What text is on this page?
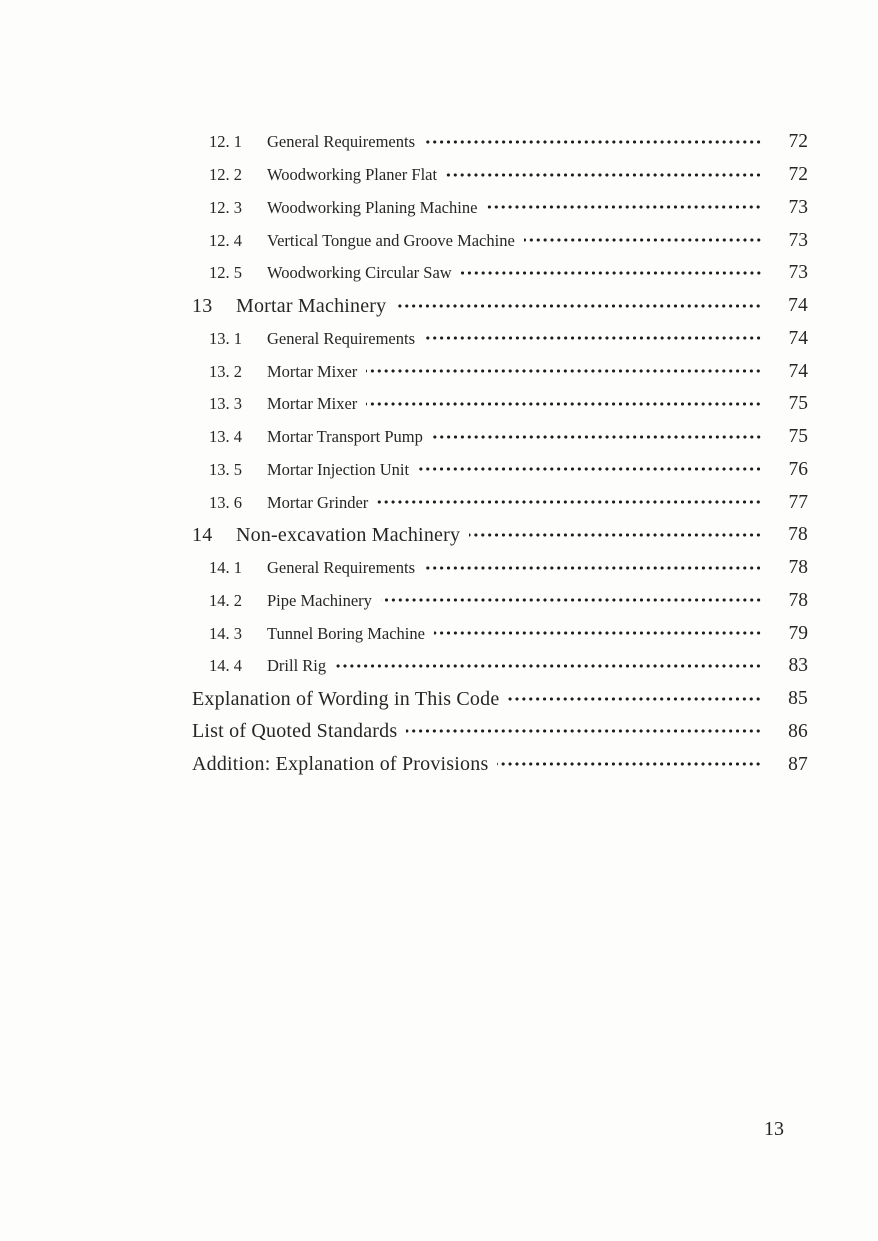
12. 1	General Requirements	72
12. 2	Woodworking Planer Flat	72
12. 3	Woodworking Planing Machine	73
12. 4	Vertical Tongue and Groove Machine	73
12. 5	Woodworking Circular Saw	73
13	Mortar Machinery	74
13. 1	General Requirements	74
13. 2	Mortar Mixer	74
13. 3	Mortar Mixer	75
13. 4	Mortar Transport Pump	75
13. 5	Mortar Injection Unit	76
13. 6	Mortar Grinder	77
14	Non-excavation Machinery	78
14. 1	General Requirements	78
14. 2	Pipe Machinery	78
14. 3	Tunnel Boring Machine	79
14. 4	Drill Rig	83
Explanation of Wording in This Code	85
List of Quoted Standards	86
Addition: Explanation of Provisions	87
13
